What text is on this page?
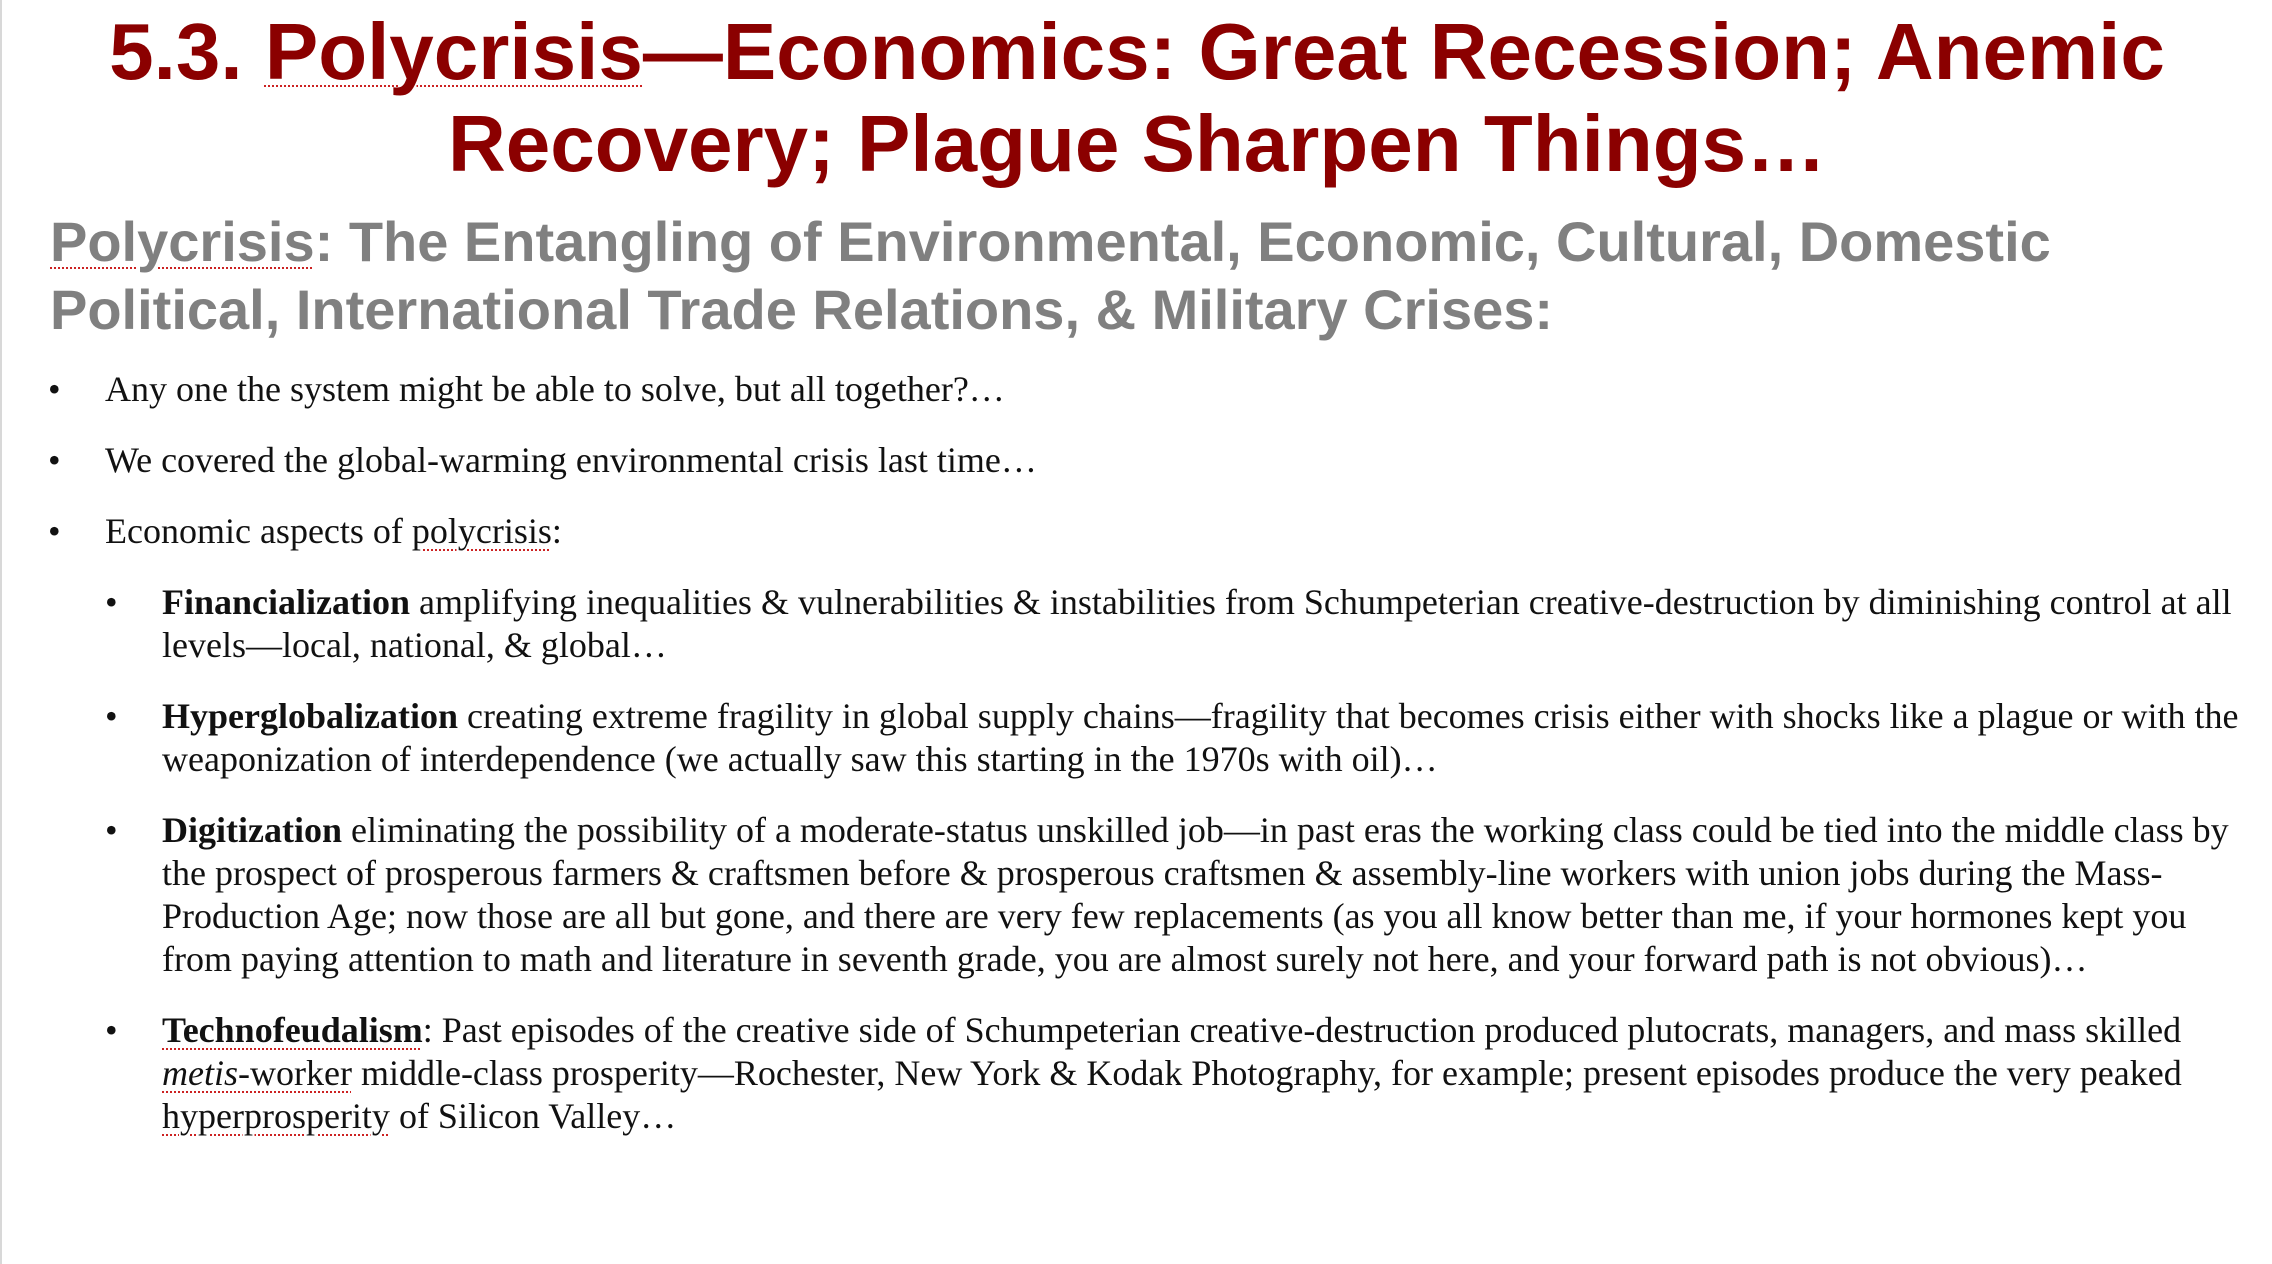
5.3. Polycrisis—Economics: Great Recession; Anemic Recovery; Plague Sharpen Things…
Polycrisis: The Entangling of Environmental, Economic, Cultural, Domestic Political, International Trade Relations, & Military Crises:
• Any one the system might be able to solve, but all together?…
• We covered the global-warming environmental crisis last time…
• Economic aspects of polycrisis:
• Financialization amplifying inequalities & vulnerabilities & instabilities from Schumpeterian creative-destruction by diminishing control at all levels—local, national, & global…
• Hyperglobalization creating extreme fragility in global supply chains—fragility that becomes crisis either with shocks like a plague or with the weaponization of interdependence (we actually saw this starting in the 1970s with oil)…
• Digitization eliminating the possibility of a moderate-status unskilled job—in past eras the working class could be tied into the middle class by the prospect of prosperous farmers & craftsmen before & prosperous craftsmen & assembly-line workers with union jobs during the Mass-Production Age; now those are all but gone, and there are very few replacements (as you all know better than me, if your hormones kept you from paying attention to math and literature in seventh grade, you are almost surely not here, and your forward path is not obvious)…
• Technofeudalism: Past episodes of the creative side of Schumpeterian creative-destruction produced plutocrats, managers, and mass skilled metis-worker middle-class prosperity—Rochester, New York & Kodak Photography, for example; present episodes produce the very peaked hyperprosperity of Silicon Valley…
